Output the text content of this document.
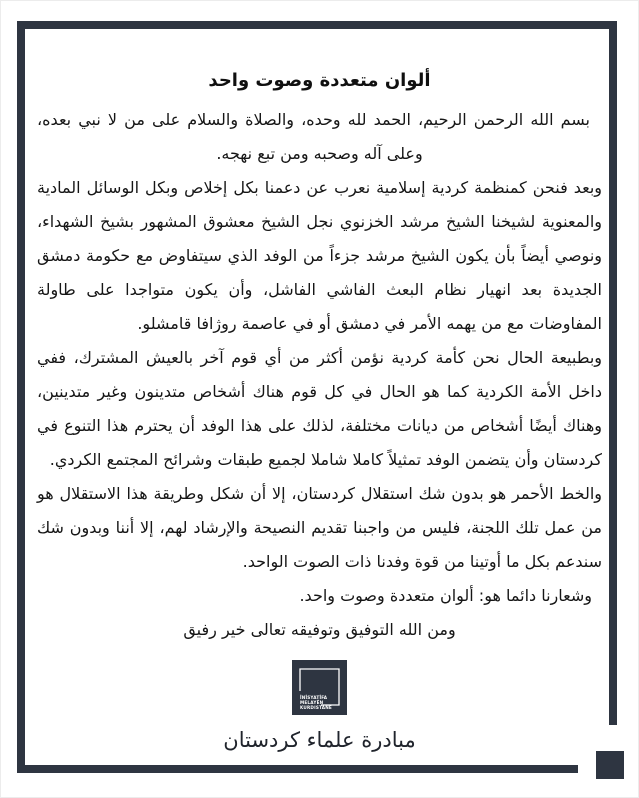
ألوان متعددة وصوت واحد

بسم الله الرحمن الرحيم، الحمد لله وحده، والصلاة والسلام على من لا نبي بعده، وعلى آله وصحبه ومن تبع نهجه.

وبعد فنحن كمنظمة كردية إسلامية نعرب عن دعمنا بكل إخلاص وبكل الوسائل المادية والمعنوية لشيخنا الشيخ مرشد الخزنوي نجل الشيخ معشوق المشهور بشيخ الشهداء، ونوصي أيضاً بأن يكون الشيخ مرشد جزءاً من الوفد الذي سيتفاوض مع حكومة دمشق الجديدة بعد انهيار نظام البعث الفاشي الفاشل، وأن يكون متواجدا على طاولة المفاوضات مع من يهمه الأمر في دمشق أو في عاصمة روژافا قامشلو.

وبطبيعة الحال نحن كأمة كردية نؤمن أكثر من أي قوم آخر بالعيش المشترك، ففي داخل الأمة الكردية كما هو الحال في كل قوم هناك أشخاص متدينون وغير متدينين، وهناك أيضًا أشخاص من ديانات مختلفة، لذلك على هذا الوفد أن يحترم هذا التنوع في كردستان وأن يتضمن الوفد تمثيلاً كاملا شاملا لجميع طبقات وشرائح المجتمع الكردي.

والخط الأحمر هو بدون شك استقلال كردستان، إلا أن شكل وطريقة هذا الاستقلال هو من عمل تلك اللجنة، فليس من واجبنا تقديم النصيحة والإرشاد لهم، إلا أننا وبدون شك سندعم بكل ما أوتينا من قوة وفدنا ذات الصوت الواحد.

وشعارنا دائما هو: ألوان متعددة وصوت واحد.

ومن الله التوفيق وتوفيقه تعالى خير رفيق

ÎNÎSYATÎFA
MELAYÊN
KURDISTANÊ

مبادرة علماء كردستان
